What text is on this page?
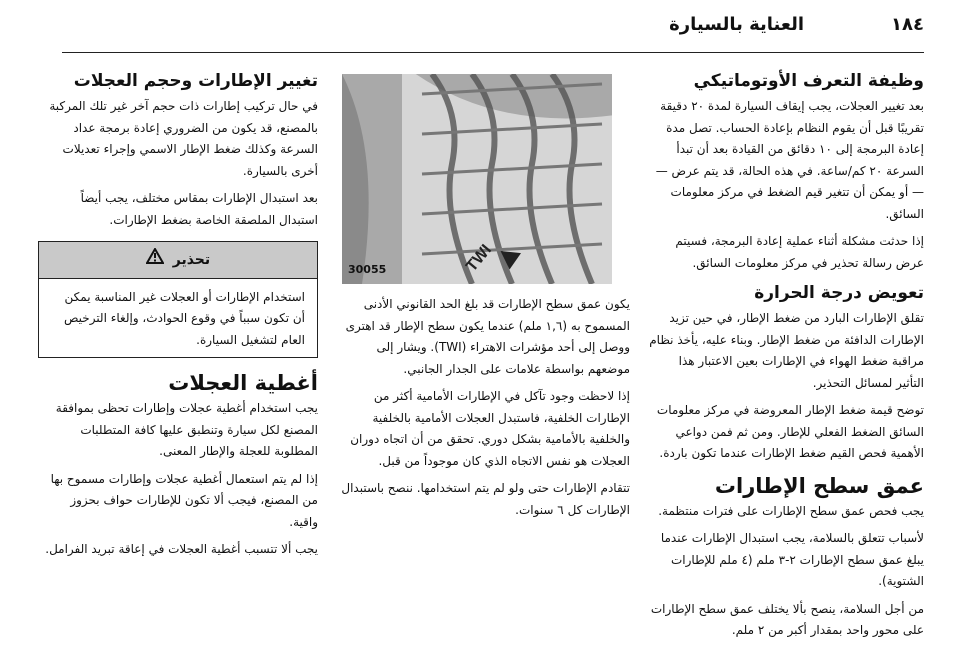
١٨٤
العناية بالسيارة
وظيفة التعرف الأوتوماتيكي

بعد تغيير العجلات، يجب إيقاف السيارة لمدة ٢٠ دقيقة تقريبًا قبل أن يقوم النظام بإعادة الحساب. تصل مدة إعادة البرمجة إلى ١٠ دقائق من القيادة بعد أن تبدأ السرعة ٢٠ كم/ساعة. في هذه الحالة، قد يتم عرض — — أو يمكن أن تتغير قيم الضغط في مركز معلومات السائق.

إذا حدثت مشكلة أثناء عملية إعادة البرمجة، فسيتم عرض رسالة تحذير في مركز معلومات السائق.

تعويض درجة الحرارة

تقلق الإطارات البارد من ضغط الإطار، في حين تزيد الإطارات الدافئة من ضغط الإطار. وبناء عليه، يأخذ نظام مراقبة ضغط الهواء في الإطارات بعين الاعتبار هذا التأثير لمسائل التحذير.

توضح قيمة ضغط الإطار المعروضة في مركز معلومات السائق الضغط الفعلي للإطار. ومن ثم فمن دواعي الأهمية فحص القيم ضغط الإطارات عندما تكون باردة.

عمق سطح الإطارات

يجب فحص عمق سطح الإطارات على فترات منتظمة.

لأسباب تتعلق بالسلامة، يجب استبدال الإطارات عندما يبلغ عمق سطح الإطارات ٢-٣ ملم (٤ ملم للإطارات الشتوية).

من أجل السلامة، ينصح بألا يختلف عمق سطح الإطارات على محور واحد بمقدار أكبر من ٢ ملم.

TWI
30055

يكون عمق سطح الإطارات قد بلغ الحد القانوني الأدنى المسموح به (١,٦ ملم) عندما يكون سطح الإطار قد اهترى ووصل إلى أحد مؤشرات الاهتراء (TWI). ويشار إلى موضعهم بواسطة علامات على الجدار الجانبي.

إذا لاحظت وجود تآكل في الإطارات الأمامية أكثر من الإطارات الخلفية، فاستبدل العجلات الأمامية بالخلفية والخلفية بالأمامية بشكل دوري. تحقق من أن اتجاه دوران العجلات هو نفس الاتجاه الذي كان موجوداً من قبل.

تتقادم الإطارات حتى ولو لم يتم استخدامها. ننصح باستبدال الإطارات كل ٦ سنوات.

تغيير الإطارات وحجم العجلات

في حال تركيب إطارات ذات حجم آخر غير تلك المركبة بالمصنع، قد يكون من الضروري إعادة برمجة عداد السرعة وكذلك ضغط الإطار الاسمي وإجراء تعديلات أخرى بالسيارة.

بعد استبدال الإطارات بمقاس مختلف، يجب أيضاً استبدال الملصقة الخاصة بضغط الإطارات.

تحذير
استخدام الإطارات أو العجلات غير المناسبة يمكن أن تكون سبباً في وقوع الحوادث، وإلغاء الترخيص العام لتشغيل السيارة.
أغطية العجلات

يجب استخدام أغطية عجلات وإطارات تحظى بموافقة المصنع لكل سيارة وتنطبق عليها كافة المتطلبات المطلوبة للعجلة والإطار المعنى.

إذا لم يتم استعمال أغطية عجلات وإطارات مسموح بها من المصنع، فيجب ألا تكون للإطارات حواف بحزوز واقية.

يجب ألا تتسبب أغطية العجلات في إعاقة تبريد الفرامل.
